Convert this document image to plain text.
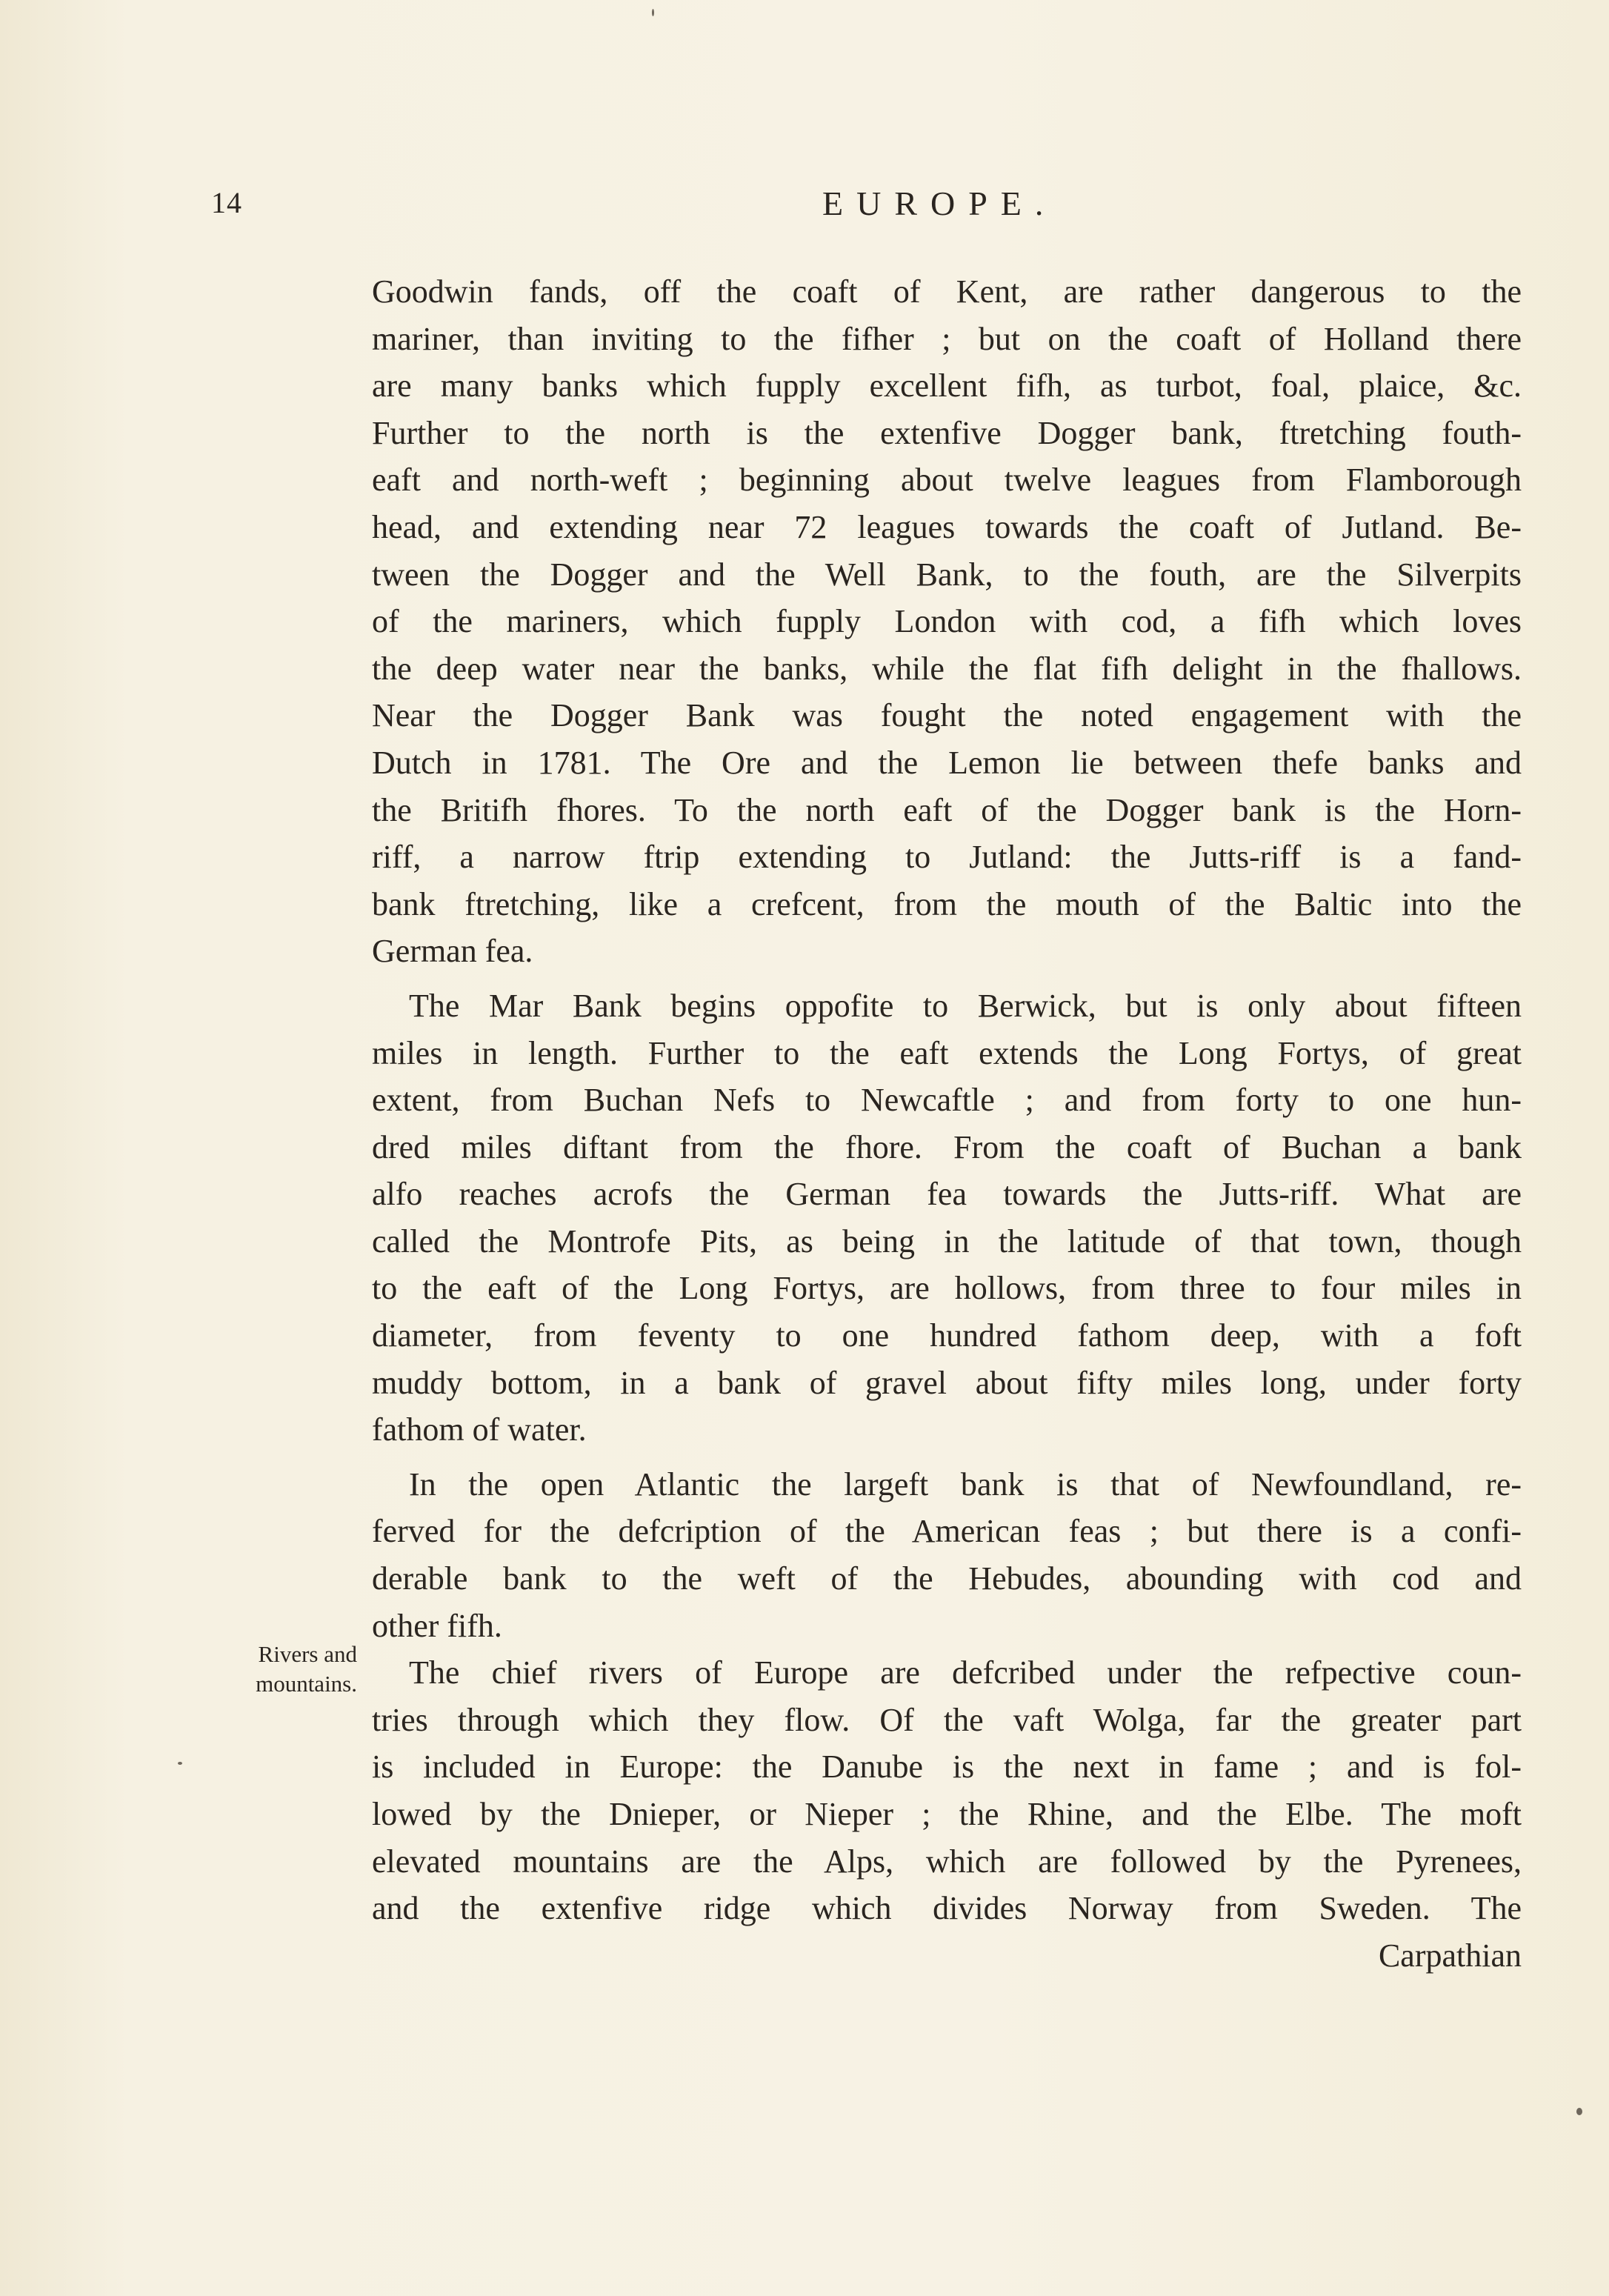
14	EUROPE.
Rivers and
mountains.
Goodwin fands, off the coaft of Kent, are rather dangerous to the
mariner, than inviting to the fifher ; but on the coaft of Holland there
are many banks which fupply excellent fifh, as turbot, foal, plaice, &c.
Further to the north is the extenfive Dogger bank, ftretching fouth-
eaft and north-weft ; beginning about twelve leagues from Flamborough
head, and extending near 72 leagues towards the coaft of Jutland. Be-
tween the Dogger and the Well Bank, to the fouth, are the Silverpits
of the mariners, which fupply London with cod, a fifh which loves
the deep water near the banks, while the flat fifh delight in the fhallows.
Near the Dogger Bank was fought the noted engagement with the
Dutch in 1781. The Ore and the Lemon lie between thefe banks and
the Britifh fhores. To the north eaft of the Dogger bank is the Horn-
riff, a narrow ftrip extending to Jutland: the Jutts-riff is a fand-
bank ftretching, like a crefcent, from the mouth of the Baltic into the
German fea.
The Mar Bank begins oppofite to Berwick, but is only about fifteen
miles in length. Further to the eaft extends the Long Fortys, of great
extent, from Buchan Nefs to Newcaftle ; and from forty to one hun-
dred miles diftant from the fhore. From the coaft of Buchan a bank
alfo reaches acrofs the German fea towards the Jutts-riff. What are
called the Montrofe Pits, as being in the latitude of that town, though
to the eaft of the Long Fortys, are hollows, from three to four miles in
diameter, from feventy to one hundred fathom deep, with a foft
muddy bottom, in a bank of gravel about fifty miles long, under forty
fathom of water.
In the open Atlantic the largeft bank is that of Newfoundland, re-
ferved for the defcription of the American feas ; but there is a confi-
derable bank to the weft of the Hebudes, abounding with cod and
other fifh.
The chief rivers of Europe are defcribed under the refpective coun-
tries through which they flow. Of the vaft Wolga, far the greater part
is included in Europe: the Danube is the next in fame ; and is fol-
lowed by the Dnieper, or Nieper ; the Rhine, and the Elbe. The moft
elevated mountains are the Alps, which are followed by the Pyrenees,
and the extenfive ridge which divides Norway from Sweden. The
Carpathian
